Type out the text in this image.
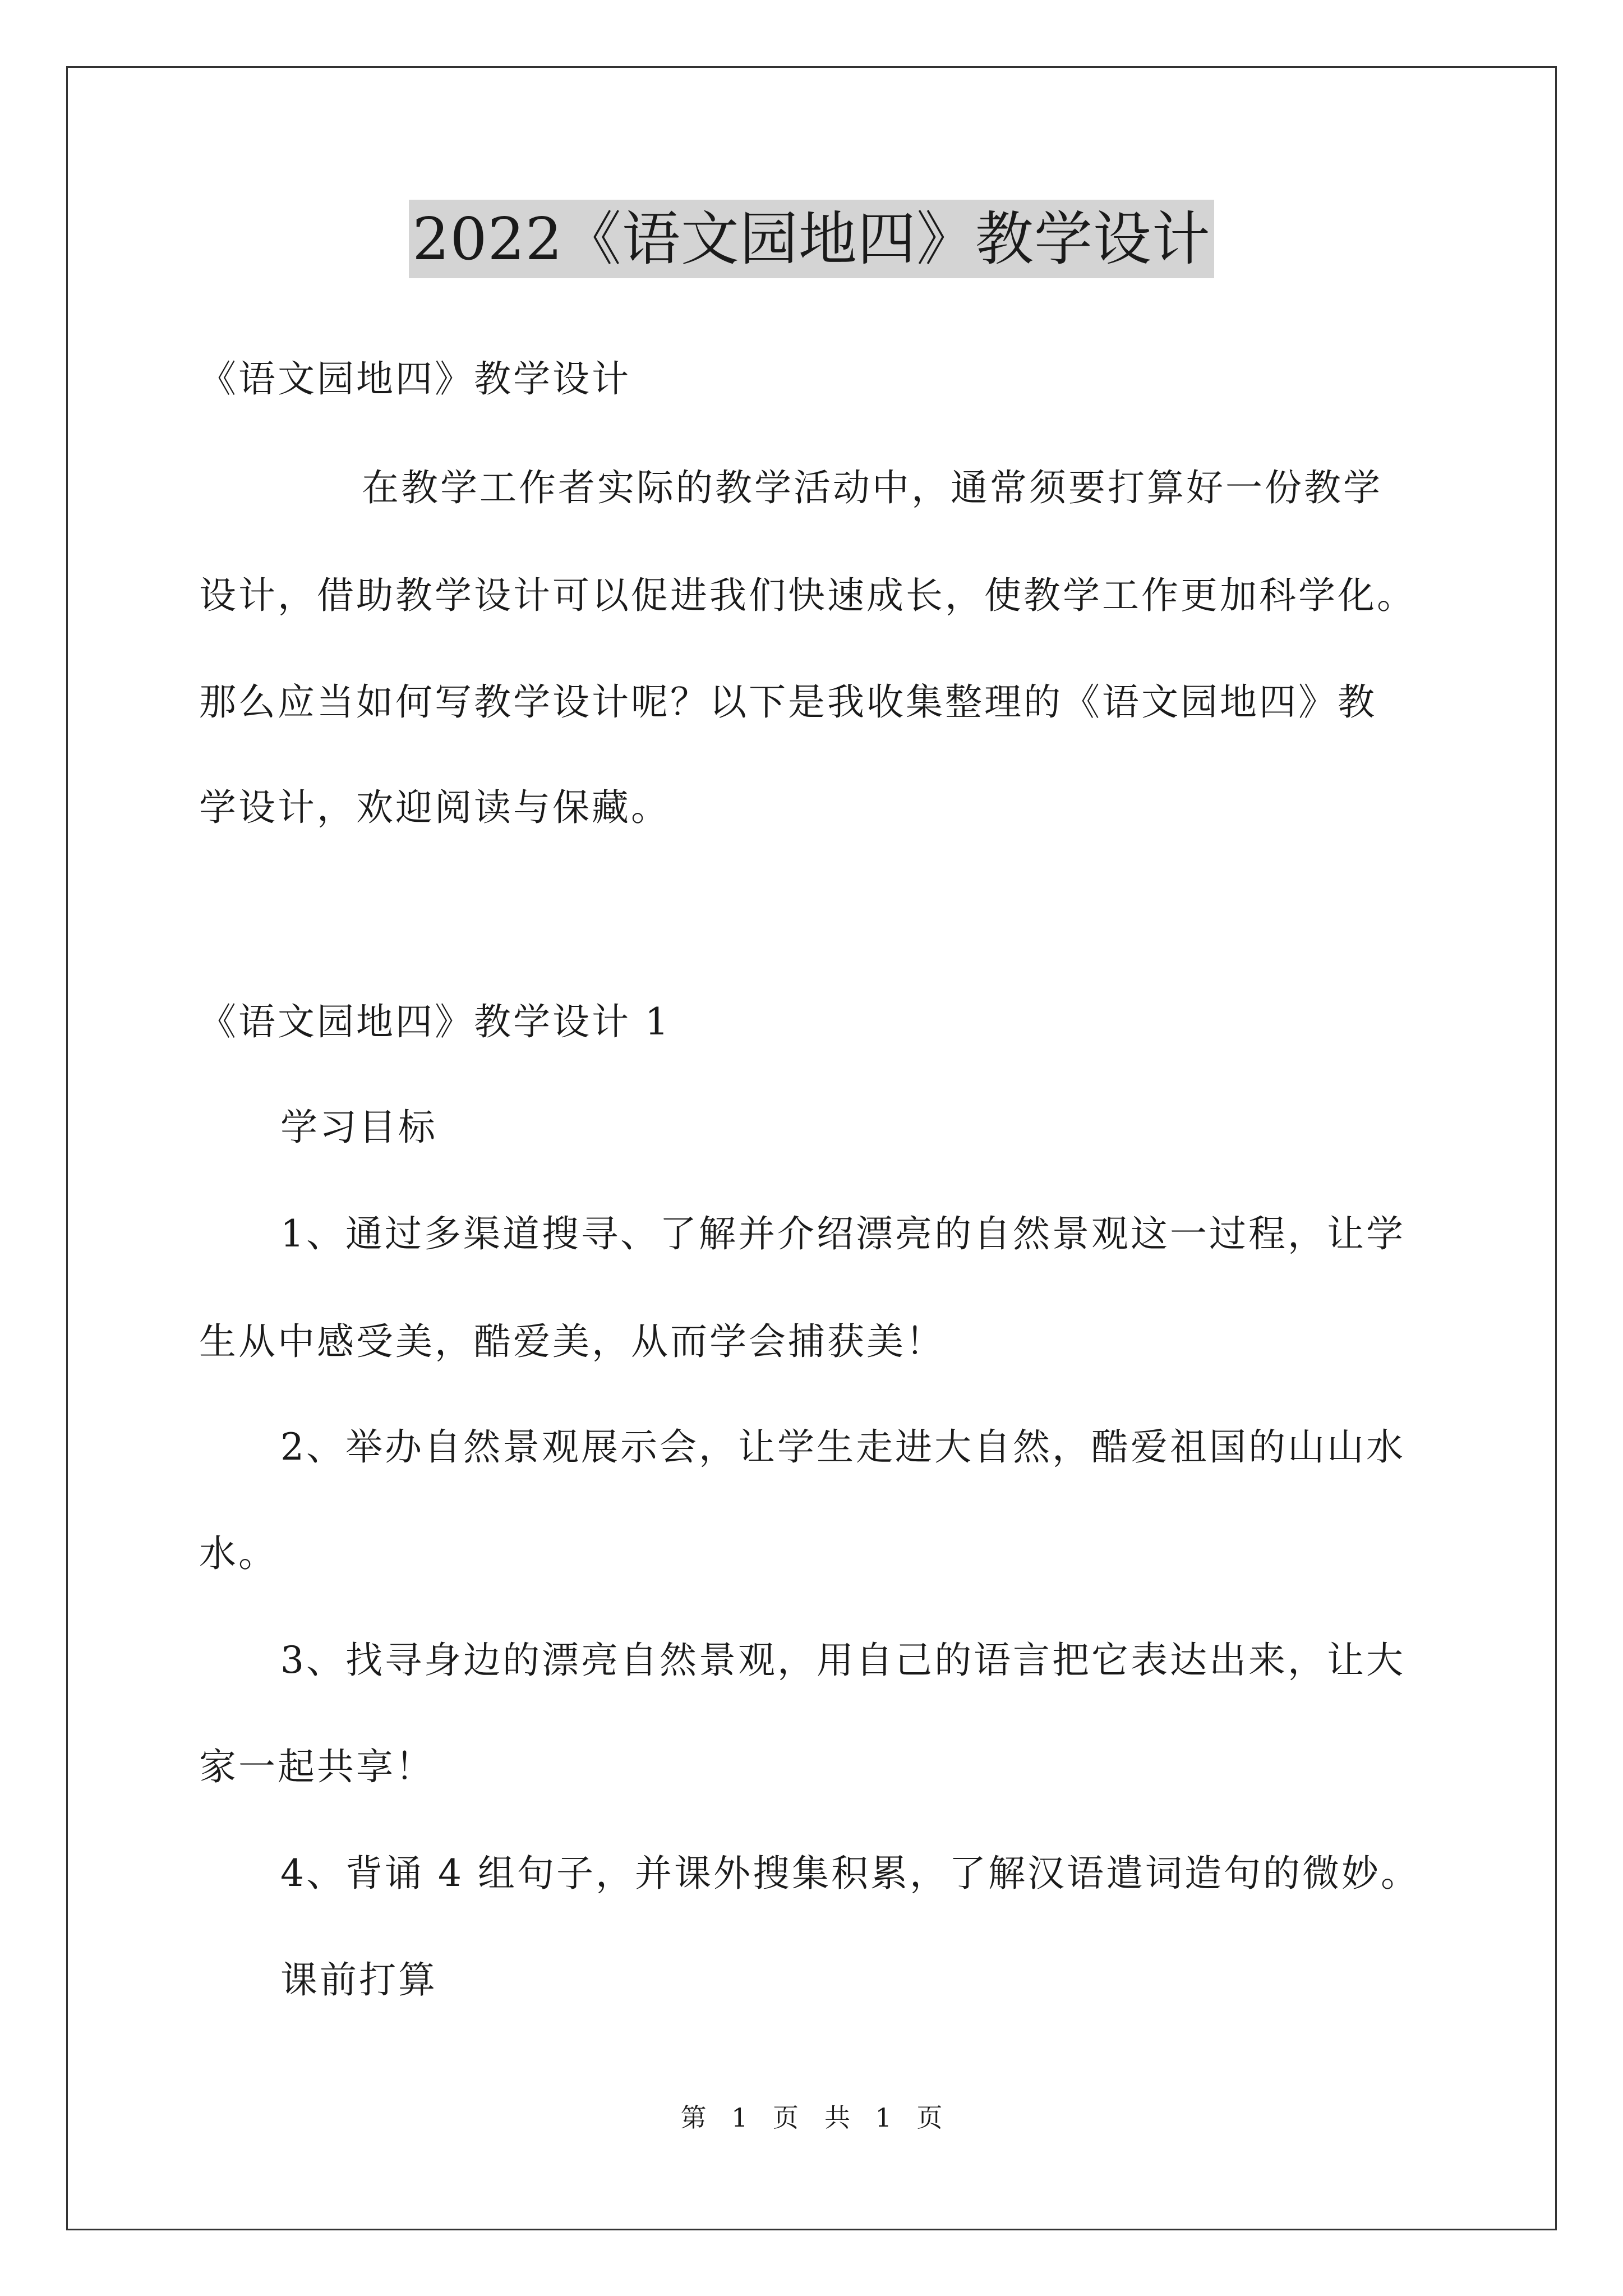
2022《语文园地四》教学设计
《语文园地四》教学设计
在教学工作者实际的教学活动中，通常须要打算好一份教学
设计，借助教学设计可以促进我们快速成长，使教学工作更加科学化。
那么应当如何写教学设计呢？以下是我收集整理的《语文园地四》教
学设计，欢迎阅读与保藏。
《语文园地四》教学设计 1
学习目标
1、通过多渠道搜寻、了解并介绍漂亮的自然景观这一过程，让学
生从中感受美，酷爱美，从而学会捕获美！
2、举办自然景观展示会，让学生走进大自然，酷爱祖国的山山水
水。
3、找寻身边的漂亮自然景观，用自己的语言把它表达出来，让大
家一起共享！
4、背诵 4 组句子，并课外搜集积累，了解汉语遣词造句的微妙。
课前打算
第 1 页　共 1 页
